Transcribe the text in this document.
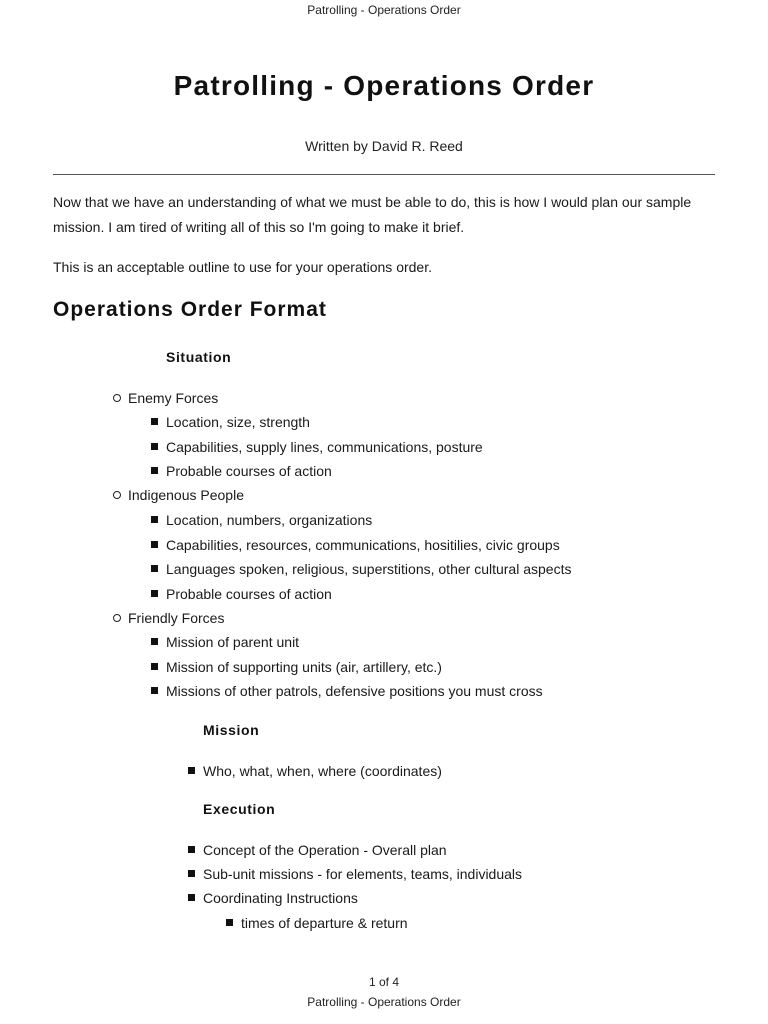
Patrolling - Operations Order
Patrolling - Operations Order
Written by David R. Reed

Now that we have an understanding of what we must be able to do, this is how I would plan our sample mission. I am tired of writing all of this so I'm going to make it brief.

This is an acceptable outline to use for your operations order.

Operations Order Format
Situation
Enemy Forces
Location, size, strength
Capabilities, supply lines, communications, posture
Probable courses of action
Indigenous People
Location, numbers, organizations
Capabilities, resources, communications, hositilies, civic groups
Languages spoken, religious, superstitions, other cultural aspects
Probable courses of action
Friendly Forces
Mission of parent unit
Mission of supporting units (air, artillery, etc.)
Missions of other patrols, defensive positions you must cross
Mission
Who, what, when, where (coordinates)
Execution
Concept of the Operation - Overall plan
Sub-unit missions - for elements, teams, individuals
Coordinating Instructions
times of departure & return
1 of 4
Patrolling - Operations Order
